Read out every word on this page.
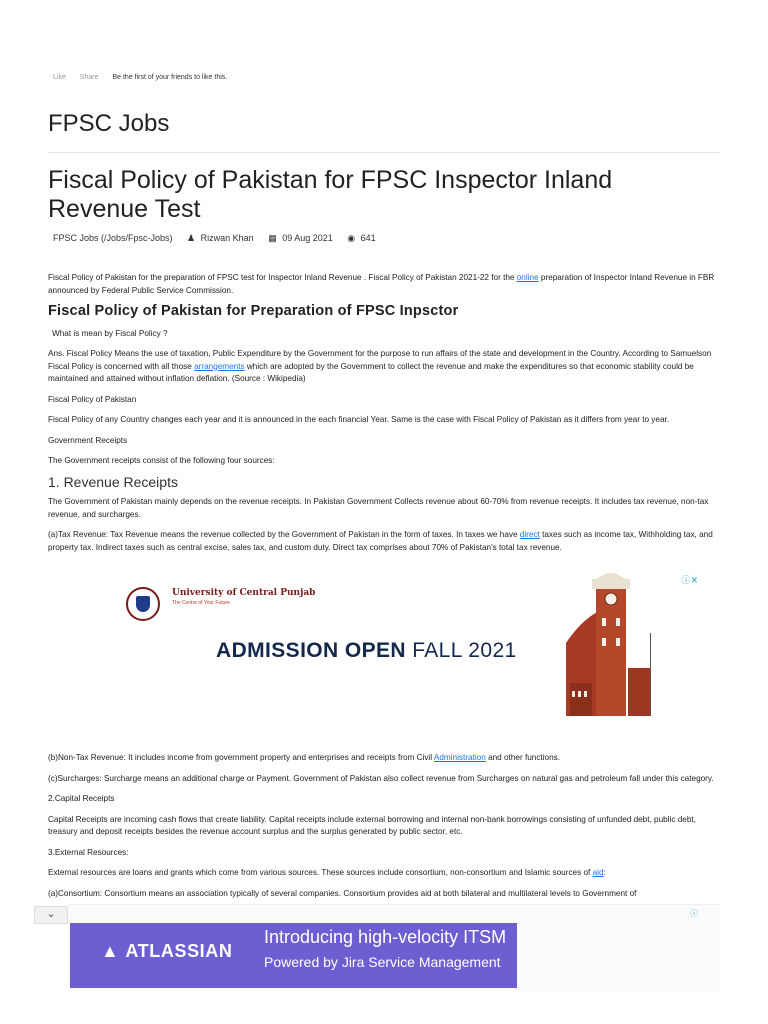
Like Share Be the first of your friends to like this.
FPSC Jobs
Fiscal Policy of Pakistan for FPSC Inspector Inland Revenue Test
FPSC Jobs (/Jobs/Fpsc-Jobs) ♟ Rizwan Khan ▦ 09 Aug 2021 ◉ 641

Fiscal Policy of Pakistan for the preparation of FPSC test for Inspector Inland Revenue . Fiscal Policy of Pakistan 2021-22 for the online preparation of Inspector Inland Revenue in FBR announced by Federal Public Service Commission.

Fiscal Policy of Pakistan for Preparation of FPSC Inpsctor

What is mean by Fiscal Policy ?

Ans. Fiscal Policy Means the use of taxation, Public Expenditure by the Government for the purpose to run affairs of the state and development in the Country. According to Samuelson Fiscal Policy is concerned with all those arrangements which are adopted by the Government to collect the revenue and make the expenditures so that economic stability could be maintained and attained without inflation deflation. (Source : Wikipedia)

Fiscal Policy of Pakistan

Fiscal Policy of any Country changes each year and it is announced in the each financial Year. Same is the case with Fiscal Policy of Pakistan as it differs from year to year.

Government Receipts

The Government receipts consist of the following four sources:

1. Revenue Receipts

The Government of Pakistan mainly depends on the revenue receipts. In Pakistan Government Collects revenue about 60-70% from revenue receipts. It includes tax revenue, non-tax revenue, and surcharges.

(a)Tax Revenue: Tax Revenue means the revenue collected by the Government of Pakistan in the form of taxes. In taxes we have direct taxes such as income tax, Withholding tax, and property tax. Indirect taxes such as central excise, sales tax, and custom duty. Direct tax comprises about 70% of Pakistan's total tax revenue.

ⓘ✕
University of Central Punjab
The Centre of Your Future
ADMISSION OPEN FALL 2021

(b)Non-Tax Revenue: It includes income from government property and enterprises and receipts from Civil Administration and other functions.

(c)Surcharges: Surcharge means an additional charge or Payment. Government of Pakistan also collect revenue from Surcharges on natural gas and petroleum fall under this category.

2.Capital Receipts

Capital Receipts are incoming cash flows that create liability. Capital receipts include external borrowing and internal non-bank borrowings consisting of unfunded debt, public debt, treasury and deposit receipts besides the revenue account surplus and the surplus generated by public sector, etc.

3.External Resources:

External resources are loans and grants which come from various sources. These sources include consortium, non-consortium and Islamic sources of aid:

(a)Consortium: Consortium means an association typically of several companies. Consortium provides aid at both bilateral and multilateral levels to Government of

⌄	ⓘ
▲ ATLASSIAN
Introducing high-velocity ITSM
Powered by Jira Service Management
